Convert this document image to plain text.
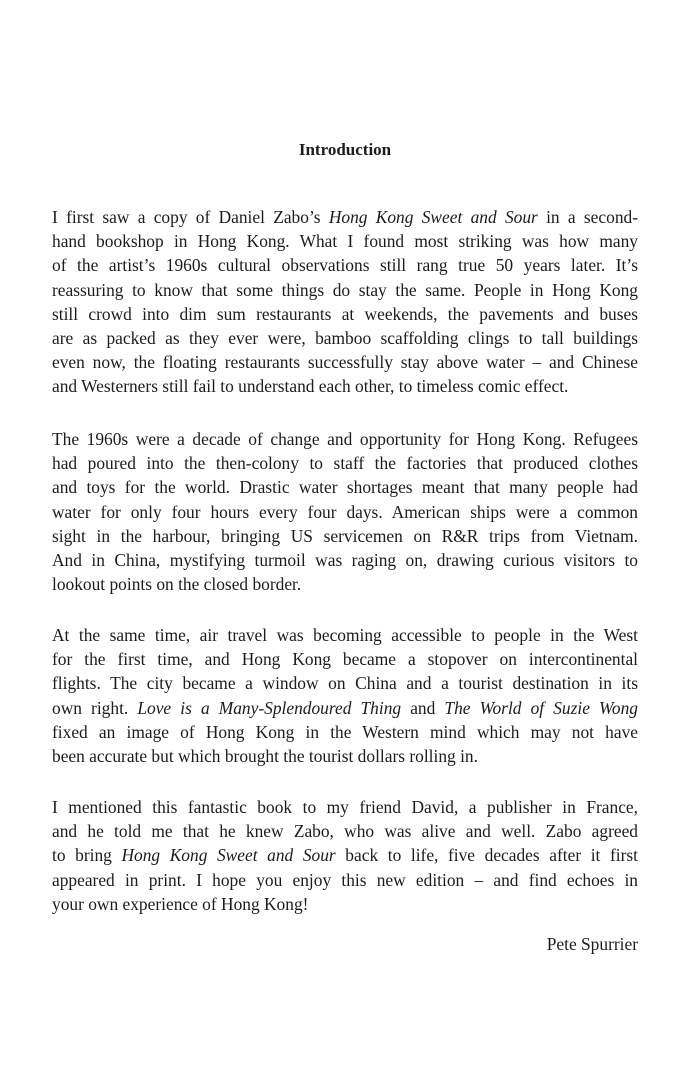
Introduction
I first saw a copy of Daniel Zabo’s Hong Kong Sweet and Sour in a second-
hand bookshop in Hong Kong. What I found most striking was how many
of the artist’s 1960s cultural observations still rang true 50 years later. It’s
reassuring to know that some things do stay the same. People in Hong Kong
still crowd into dim sum restaurants at weekends, the pavements and buses
are as packed as they ever were, bamboo scaffolding clings to tall buildings
even now, the floating restaurants successfully stay above water – and Chinese
and Westerners still fail to understand each other, to timeless comic effect.
The 1960s were a decade of change and opportunity for Hong Kong. Refugees
had poured into the then-colony to staff the factories that produced clothes
and toys for the world. Drastic water shortages meant that many people had
water for only four hours every four days. American ships were a common
sight in the harbour, bringing US servicemen on R&R trips from Vietnam.
And in China, mystifying turmoil was raging on, drawing curious visitors to
lookout points on the closed border.
At the same time, air travel was becoming accessible to people in the West
for the first time, and Hong Kong became a stopover on intercontinental
flights. The city became a window on China and a tourist destination in its
own right. Love is a Many-Splendoured Thing and The World of Suzie Wong
fixed an image of Hong Kong in the Western mind which may not have
been accurate but which brought the tourist dollars rolling in.
I mentioned this fantastic book to my friend David, a publisher in France,
and he told me that he knew Zabo, who was alive and well. Zabo agreed
to bring Hong Kong Sweet and Sour back to life, five decades after it first
appeared in print. I hope you enjoy this new edition – and find echoes in
your own experience of Hong Kong!
Pete Spurrier
